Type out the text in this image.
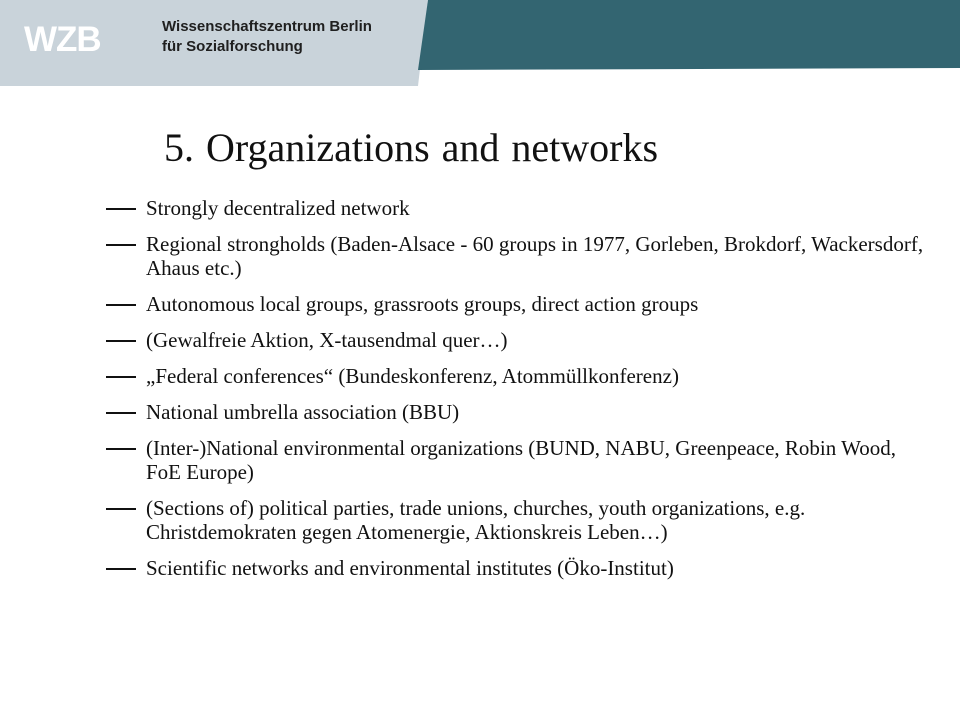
WZB	Wissenschaftszentrum Berlin
für Sozialforschung
5. Organizations and networks
Strongly decentralized network
Regional strongholds (Baden-Alsace - 60 groups in 1977, Gorleben, Brokdorf, Wackersdorf, Ahaus etc.)
Autonomous local groups, grassroots groups, direct action groups
(Gewalfreie Aktion, X-tausendmal quer…)
„Federal conferences“ (Bundeskonferenz, Atommüllkonferenz)
National umbrella association (BBU)
(Inter-)National environmental organizations (BUND, NABU, Greenpeace, Robin Wood, FoE Europe)
(Sections of) political parties, trade unions, churches, youth organizations, e.g. Christdemokraten gegen Atomenergie, Aktionskreis Leben…)
Scientific networks and environmental institutes (Öko-Institut)
